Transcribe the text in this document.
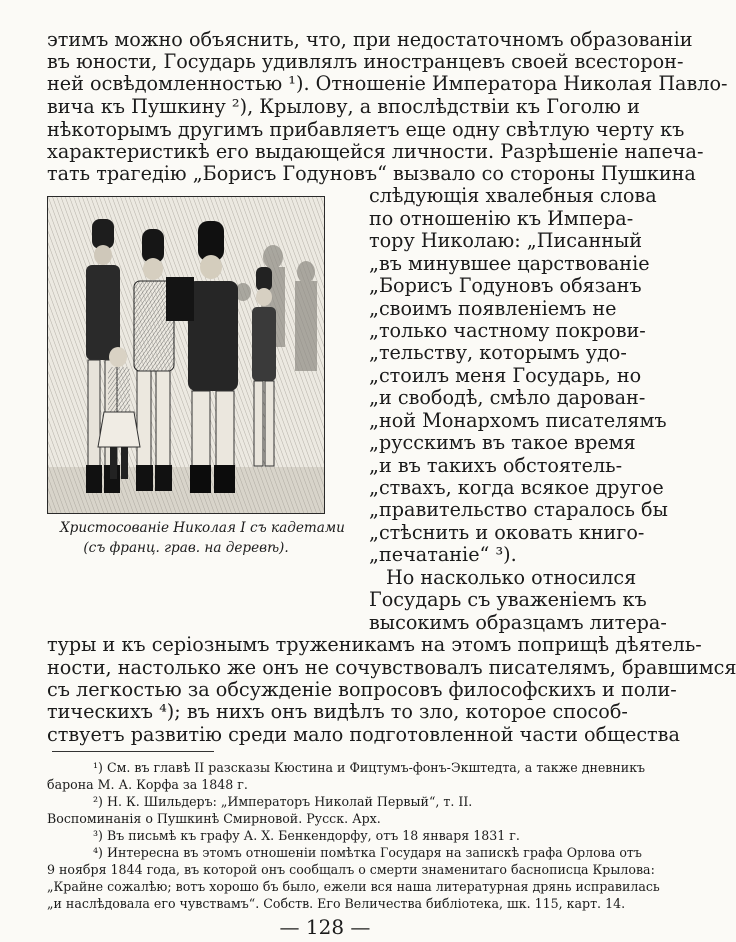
этимъ можно объяснить, что, при недостаточномъ образованіи
въ юности, Государь удивлялъ иностранцевъ своей всесторон-
ней освѣдомленностью ¹). Отношеніе Императора Николая Павло-
вича къ Пушкину ²), Крылову, а впослѣдствіи къ Гоголю и
нѣкоторымъ другимъ прибавляетъ еще одну свѣтлую черту къ
характеристикѣ его выдающейся личности. Разрѣшеніе напеча-
тать трагедію „Борисъ Годуновъ“ вызвало со стороны Пушкина
Христосованіе Николая I съ кадетами
(съ франц. грав. на деревѣ).
слѣдующія хвалебныя слова
по отношенію къ Импера-
тору Николаю: „Писанный
„въ минувшее царствованіе
„Борисъ Годуновъ обязанъ
„своимъ появленіемъ не
„только частному покрови-
„тельству, которымъ удо-
„стоилъ меня Государь, но
„и свободѣ, смѣло дарован-
„ной Монархомъ писателямъ
„русскимъ въ такое время
„и въ такихъ обстоятель-
„ствахъ, когда всякое другое
„правительство старалось бы
„стѣснить и оковать книго-
„печатаніе“ ³).
Но насколько относился
Государь съ уваженіемъ къ
высокимъ образцамъ литера-
туры и къ серіознымъ труженикамъ на этомъ поприщѣ дѣятель-
ности, настолько же онъ не сочувствовалъ писателямъ, бравшимся
съ легкостью за обсужденіе вопросовъ философскихъ и поли-
тическихъ ⁴); въ нихъ онъ видѣлъ то зло, которое способ-
ствуетъ развитію среди мало подготовленной части общества
¹) См. въ главѣ II разсказы Кюстина и Фицтумъ-фонъ-Экштедта, а также дневникъ
барона М. А. Корфа за 1848 г.
²) Н. К. Шильдеръ: „Императоръ Николай Первый“, т. II.
Воспоминанія о Пушкинѣ Смирновой. Русск. Арх.
³) Въ письмѣ къ графу А. Х. Бенкендорфу, отъ 18 января 1831 г.
⁴) Интересна въ этомъ отношеніи помѣтка Государя на запискѣ графа Орлова отъ
9 ноября 1844 года, въ которой онъ сообщалъ о смерти знаменитаго баснописца Крылова:
„Крайне сожалѣю; вотъ хорошо бъ было, ежели вся наша литературная дрянь исправилась
„и наслѣдовала его чувствамъ“. Собств. Его Величества библіотека, шк. 115, карт. 14.
— 128 —
